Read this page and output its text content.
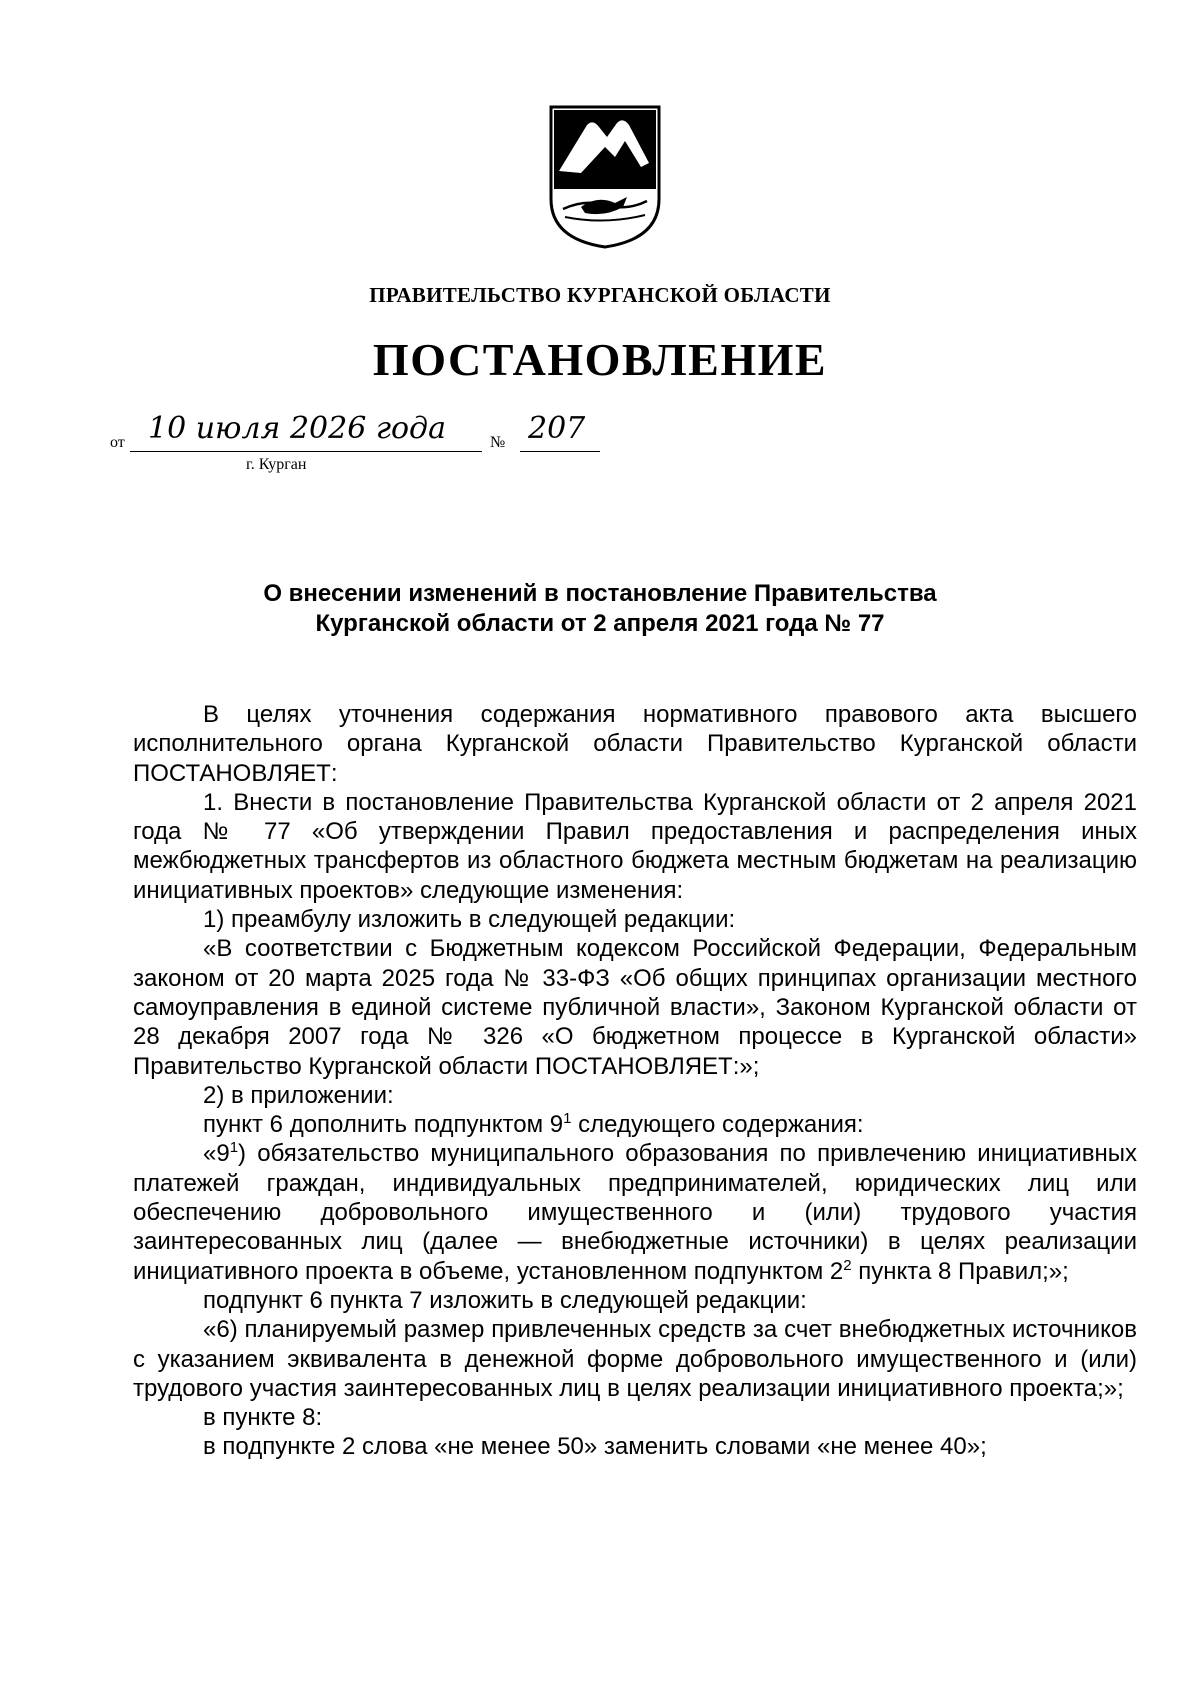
ПРАВИТЕЛЬСТВО КУРГАНСКОЙ ОБЛАСТИ
ПОСТАНОВЛЕНИЕ
от 10 июля 2026 года	№ 207
г. Курган
О внесении изменений в постановление Правительства
Курганской области от 2 апреля 2021 года № 77

В целях уточнения содержания нормативного правового акта высшего исполнительного органа Курганской области Правительство Курганской области ПОСТАНОВЛЯЕТ:

1. Внести в постановление Правительства Курганской области от 2 апреля 2021 года № 77 «Об утверждении Правил предоставления и распределения иных межбюджетных трансфертов из областного бюджета местным бюджетам на реализацию инициативных проектов» следующие изменения:

1) преамбулу изложить в следующей редакции:

«В соответствии с Бюджетным кодексом Российской Федерации, Федеральным законом от 20 марта 2025 года № 33-ФЗ «Об общих принципах организации местного самоуправления в единой системе публичной власти», Законом Курганской области от 28 декабря 2007 года № 326 «О бюджетном процессе в Курганской области» Правительство Курганской области ПОСТАНОВЛЯЕТ:»;

2) в приложении:

пункт 6 дополнить подпунктом $9^1$ следующего содержания:

«$9^1$) обязательство муниципального образования по привлечению инициативных платежей граждан, индивидуальных предпринимателей, юридических лиц или обеспечению добровольного имущественного и (или) трудового участия заинтересованных лиц (далее — внебюджетные источники) в целях реализации инициативного проекта в объеме, установленном подпунктом $2^2$ пункта 8 Правил;»;

подпункт 6 пункта 7 изложить в следующей редакции:

«6) планируемый размер привлеченных средств за счет внебюджетных источников с указанием эквивалента в денежной форме добровольного имущественного и (или) трудового участия заинтересованных лиц в целях реализации инициативного проекта;»;

в пункте 8:

в подпункте 2 слова «не менее 50» заменить словами «не менее 40»;
